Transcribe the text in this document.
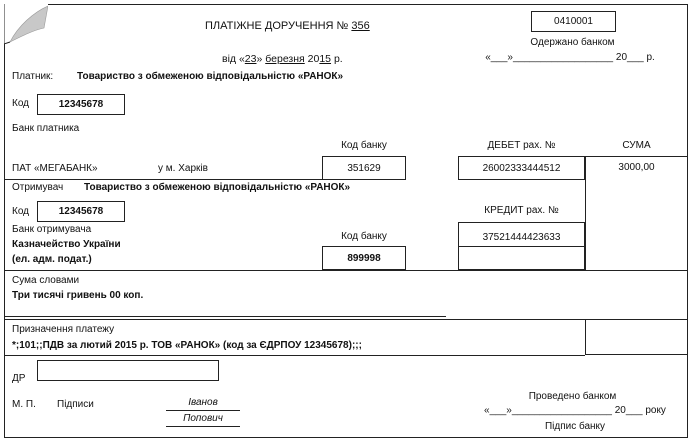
ПЛАТІЖНЕ ДОРУЧЕННЯ № 356
від «23» березня 2015 р.
0410001
Одержано банком
«___»__________________ 20___ р.
Платник: Товариство з обмеженою відповідальністю «РАНОК»
Код	12345678
Банк платника
Код банку	ДЕБЕТ рах. №	СУМА
ПАТ «МЕГАБАНК»	у м. Харків	351629	26002333444512	3000,00
КРЕДИТ рах. №
37521444423633
Отримувач Товариство з обмеженою відповідальністю «РАНОК»
Код	12345678
Банк отримувача
Казначейство України
(ел. адм. подат.)
Код банку
899998
Сума словами
Три тисячі гривень 00 коп.
Призначення платежу
*;101;;ПДВ за лютий 2015 р. ТОВ «РАНОК» (код за ЄДРПОУ 12345678);;;
ДР
М. П. Підписи	Іванов
Попович
Проведено банком
«___»__________________ 20___ року
Підпис банку
